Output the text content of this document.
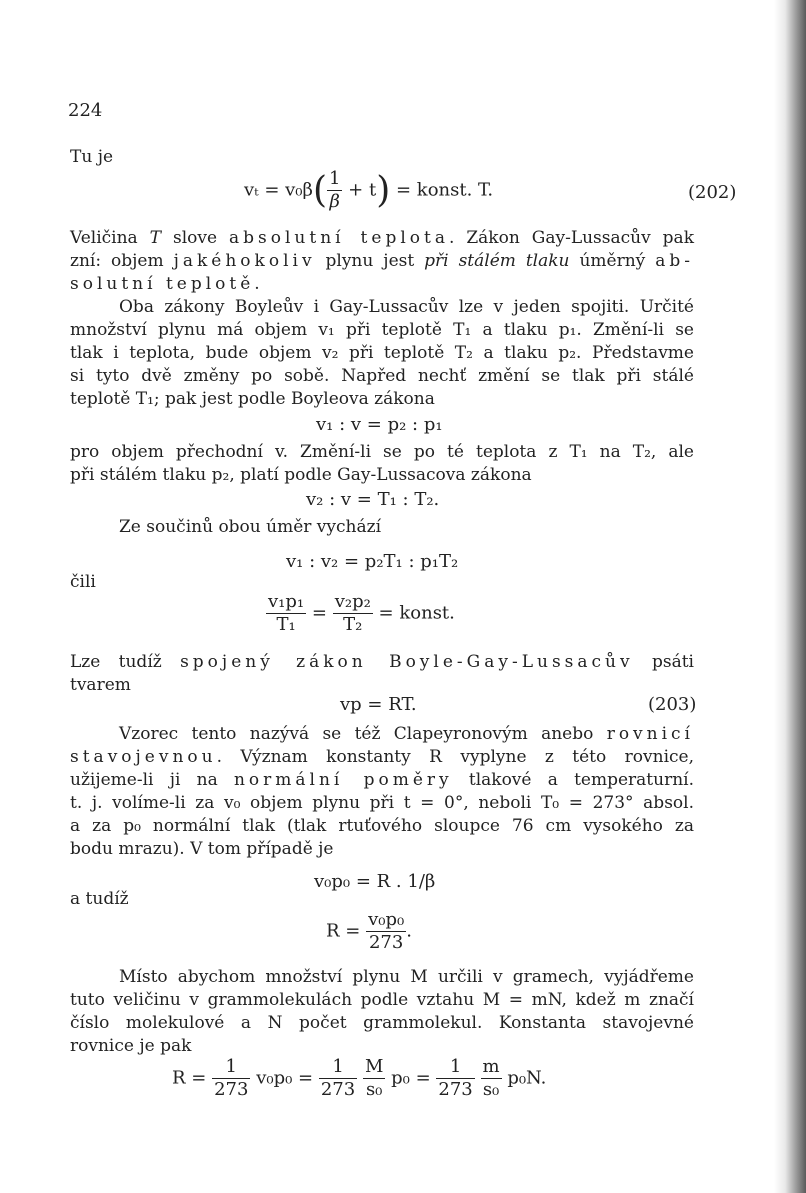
224
Tu je
$v_t = v_0\beta( \frac{1}{\beta} + t)$ = konst. T.	(202)
Veličina T slove absolutní teplota. Zákon Gay-Lussacův pak
zní: objem jakéhokoliv plynu jest při stálém tlaku úměrný ab-
solutní teplotě.
Oba zákony Boyleův i Gay-Lussacův lze v jeden spojiti. Určité
množství plynu má objem v₁ při teplotě T₁ a tlaku p₁. Změní-li se
tlak i teplota, bude objem v₂ při teplotě T₂ a tlaku p₂. Představme
si tyto dvě změny po sobě. Napřed nechť změní se tlak při stálé
teplotě T₁; pak jest podle Boyleova zákona
v₁ : v = p₂ : p₁
pro objem přechodní v. Změní-li se po té teplota z T₁ na T₂, ale
při stálém tlaku p₂, platí podle Gay-Lussacova zákona
v₂ : v = T₁ : T₂.
Ze součinů obou úměr vychází
v₁ : v₂ = p₂T₁ : p₁T₂
čili
$\frac{\text{v₁p₁}}{\text{T₁}} = \frac{\text{v₂p₂}}{\text{T₂}}$ = konst.
Lze tudíž spojený zákon Boyle-Gay-Lussacův psáti
tvarem
vp = RT.	(203)
Vzorec tento nazývá se též Clapeyronovým anebo rovnicí
stavojevnou. Význam konstanty R vyplyne z této rovnice,
užijeme-li ji na normální poměry tlakové a temperaturní.
t. j. volíme-li za v₀ objem plynu při t = 0°, neboli T₀ = 273° absol.
a za p₀ normální tlak (tlak rtuťového sloupce 76 cm vysokého za
bodu mrazu). V tom případě je
v₀p₀ = R . 1/β
a tudíž
$R = \frac{\text{v₀p₀}}{273}$ .
Místo abychom množství plynu M určili v gramech, vyjádřeme
tuto veličinu v grammolekulách podle vztahu M = mN, kdež m značí
číslo molekulové a N počet grammolekul. Konstanta stavojevné
rovnice je pak
$R = \frac{1}{273} v_0p_0 = \frac{1}{273}$
$\frac{M}{\text{s₀}} p_0 = \frac{1}{273}$
$\frac{m}{\text{s₀}} p_0N$.
